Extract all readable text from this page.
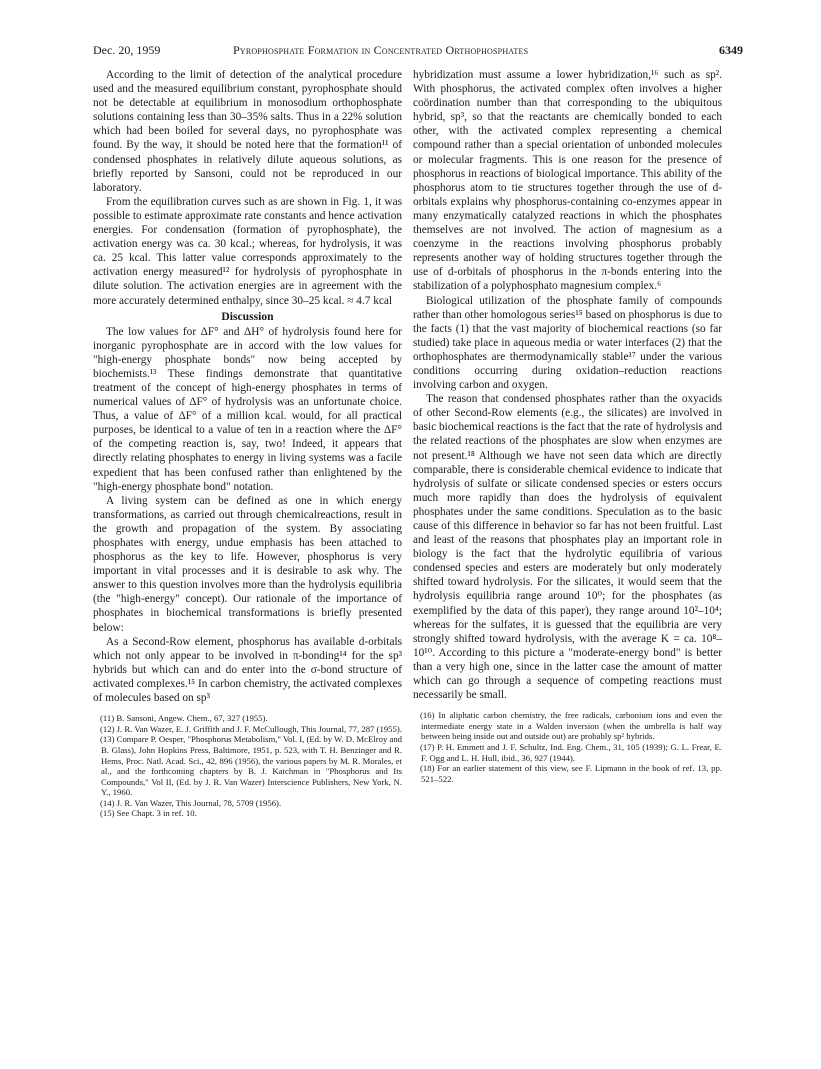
Dec. 20, 1959	Pyrophosphate Formation in Concentrated Orthophosphates	6349

According to the limit of detection of the analytical procedure used and the measured equilibrium constant, pyrophosphate should not be detectable at equilibrium in monosodium orthophosphate solutions containing less than 30–35% salts. Thus in a 22% solution which had been boiled for several days, no pyrophosphate was found. By the way, it should be noted here that the formation¹¹ of condensed phosphates in relatively dilute aqueous solutions, as briefly reported by Sansoni, could not be reproduced in our laboratory.

From the equilibration curves such as are shown in Fig. 1, it was possible to estimate approximate rate constants and hence activation energies. For condensation (formation of pyrophosphate), the activation energy was ca. 30 kcal.; whereas, for hydrolysis, it was ca. 25 kcal. This latter value corresponds approximately to the activation energy measured¹² for hydrolysis of pyrophosphate in dilute solution. The activation energies are in agreement with the more accurately determined enthalpy, since 30–25 kcal. ≈ 4.7 kcal

Discussion

The low values for ΔF° and ΔH° of hydrolysis found here for inorganic pyrophosphate are in accord with the low values for "high-energy phosphate bonds" now being accepted by biochemists.¹³ These findings demonstrate that quantitative treatment of the concept of high-energy phosphates in terms of numerical values of ΔF° of hydrolysis was an unfortunate choice. Thus, a value of ΔF° of a million kcal. would, for all practical purposes, be identical to a value of ten in a reaction where the ΔF° of the competing reaction is, say, two! Indeed, it appears that directly relating phosphates to energy in living systems was a facile expedient that has been confused rather than enlightened by the "high-energy phosphate bond" notation.

A living system can be defined as one in which energy transformations, as carried out through chemicalreactions, result in the growth and propagation of the system. By associating phosphates with energy, undue emphasis has been attached to phosphorus as the key to life. However, phosphorus is very important in vital processes and it is desirable to ask why. The answer to this question involves more than the hydrolysis equilibria (the "high-energy" concept). Our rationale of the importance of phosphates in biochemical transformations is briefly presented below:

As a Second-Row element, phosphorus has available d-orbitals which not only appear to be involved in π-bonding¹⁴ for the sp³ hybrids but which can and do enter into the σ-bond structure of activated complexes.¹⁵ In carbon chemistry, the activated complexes of molecules based on sp³

(11) B. Sansoni, Angew. Chem., 67, 327 (1955).

(12) J. R. Van Wazer, E. J. Griffith and J. F. McCullough, This Journal, 77, 287 (1955).

(13) Compare P. Oesper, "Phosphorus Metabolism," Vol. I, (Ed. by W. D. McElroy and B. Glass), John Hopkins Press, Baltimore, 1951, p. 523, with T. H. Benzinger and R. Hems, Proc. Natl. Acad. Sci., 42, 896 (1956), the various papers by M. R. Morales, et al., and the forthcoming chapters by B. J. Katchman in "Phosphorus and Its Compounds," Vol II, (Ed. by J. R. Van Wazer) Interscience Publishers, New York, N. Y., 1960.

(14) J. R. Van Wazer, This Journal, 78, 5709 (1956).

(15) See Chapt. 3 in ref. 10.

hybridization must assume a lower hybridization,¹⁶ such as sp². With phosphorus, the activated complex often involves a higher coördination number than that corresponding to the ubiquitous hybrid, sp³, so that the reactants are chemically bonded to each other, with the activated complex representing a chemical compound rather than a special orientation of unbonded molecules or molecular fragments. This is one reason for the presence of phosphorus in reactions of biological importance. This ability of the phosphorus atom to tie structures together through the use of d-orbitals explains why phosphorus-containing co-enzymes appear in many enzymatically catalyzed reactions in which the phosphates themselves are not involved. The action of magnesium as a coenzyme in the reactions involving phosphorus probably represents another way of holding structures together through the use of d-orbitals of phosphorus in the π-bonds entering into the stabilization of a polyphosphato magnesium complex.⁶

Biological utilization of the phosphate family of compounds rather than other homologous series¹⁵ based on phosphorus is due to the facts (1) that the vast majority of biochemical reactions (so far studied) take place in aqueous media or water interfaces (2) that the orthophosphates are thermodynamically stable¹⁷ under the various conditions occurring during oxidation–reduction reactions involving carbon and oxygen.

The reason that condensed phosphates rather than the oxyacids of other Second-Row elements (e.g., the silicates) are involved in basic biochemical reactions is the fact that the rate of hydrolysis and the related reactions of the phosphates are slow when enzymes are not present.¹⁸ Although we have not seen data which are directly comparable, there is considerable chemical evidence to indicate that hydrolysis of sulfate or silicate condensed species or esters occurs much more rapidly than does the hydrolysis of equivalent phosphates under the same conditions. Speculation as to the basic cause of this difference in behavior so far has not been fruitful. Last and least of the reasons that phosphates play an important role in biology is the fact that the hydrolytic equilibria of various condensed species and esters are moderately but only moderately shifted toward hydrolysis. For the silicates, it would seem that the hydrolysis equilibria range around 10⁰; for the phosphates (as exemplified by the data of this paper), they range around 10²–10⁴; whereas for the sulfates, it is guessed that the equilibria are very strongly shifted toward hydrolysis, with the average K = ca. 10⁸–10¹⁰. According to this picture a "moderate-energy bond" is better than a very high one, since in the latter case the amount of matter which can go through a sequence of competing reactions must necessarily be small.

(16) In aliphatic carbon chemistry, the free radicals, carbonium ions and even the intermediate energy state in a Walden inversion (when the umbrella is half way between being inside out and outside out) are probably sp² hybrids.

(17) P. H. Emmett and J. F. Schultz, Ind. Eng. Chem., 31, 105 (1939); G. L. Frear, E. F. Ogg and L. H. Hull, ibid., 36, 927 (1944).

(18) For an earlier statement of this view, see F. Lipmann in the book of ref. 13, pp. 521–522.
